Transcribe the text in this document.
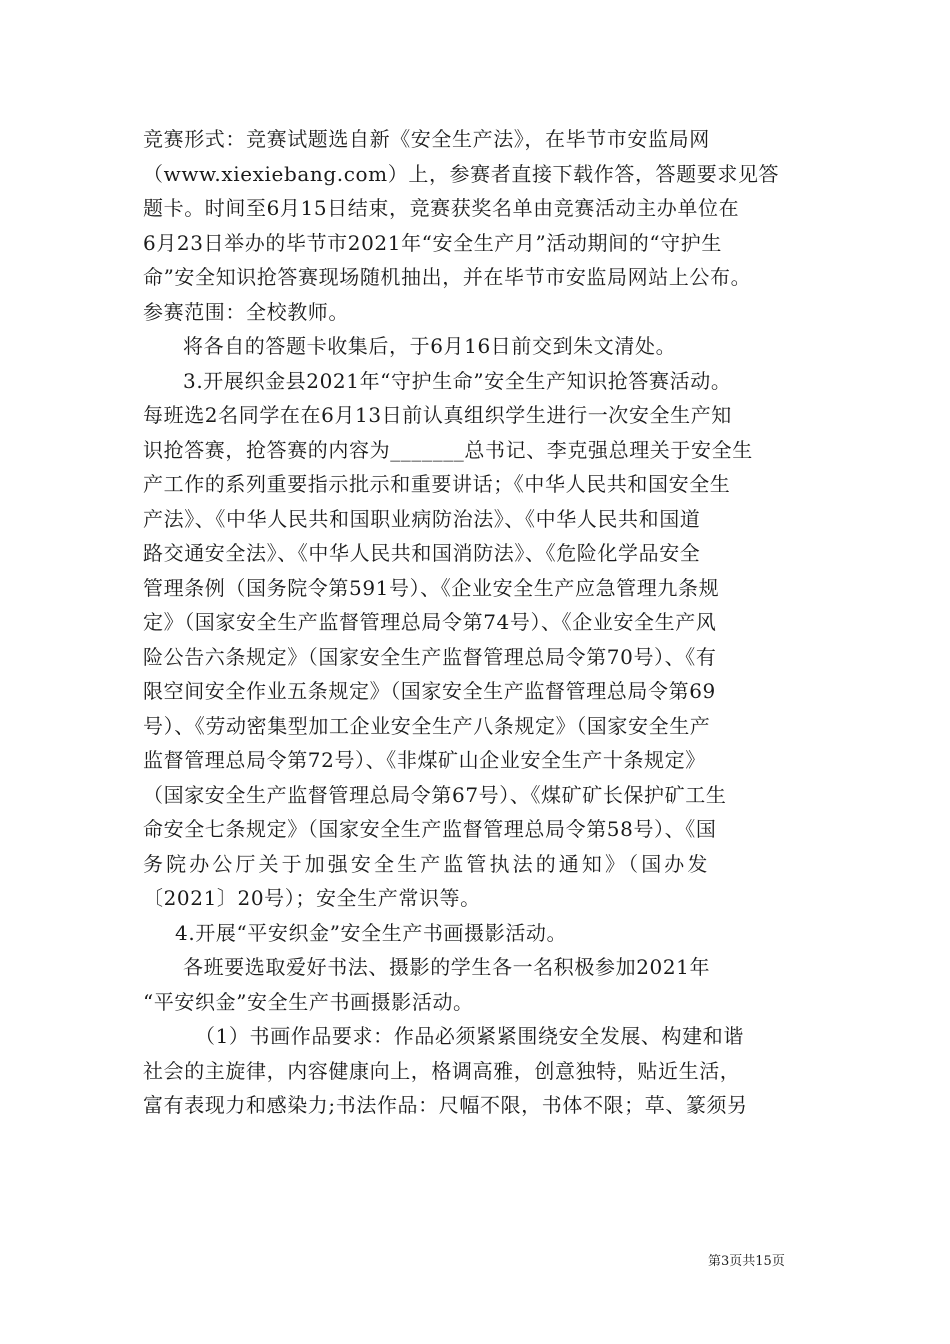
竞赛形式：竞赛试题选自新《安全生产法》，在毕节市安监局网
（www.xiexiebang.com）上，参赛者直接下载作答，答题要求见答
题卡。时间至6月15日结束，竞赛获奖名单由竞赛活动主办单位在
6月23日举办的毕节市2021年“安全生产月”活动期间的“守护生
命”安全知识抢答赛现场随机抽出，并在毕节市安监局网站上公布。
参赛范围：全校教师。
将各自的答题卡收集后，于6月16日前交到朱文清处。
3.开展织金县2021年“守护生命”安全生产知识抢答赛活动。
每班选2名同学在在6月13日前认真组织学生进行一次安全生产知
识抢答赛，抢答赛的内容为_______总书记、李克强总理关于安全生
产工作的系列重要指示批示和重要讲话；《中华人民共和国安全生
产法》、《中华人民共和国职业病防治法》、《中华人民共和国道
路交通安全法》、《中华人民共和国消防法》、《危险化学品安全
管理条例（国务院令第591号）、《企业安全生产应急管理九条规
定》（国家安全生产监督管理总局令第74号）、《企业安全生产风
险公告六条规定》（国家安全生产监督管理总局令第70号）、《有
限空间安全作业五条规定》（国家安全生产监督管理总局令第69
号）、《劳动密集型加工企业安全生产八条规定》（国家安全生产
监督管理总局令第72号）、《非煤矿山企业安全生产十条规定》
（国家安全生产监督管理总局令第67号）、《煤矿矿长保护矿工生
命安全七条规定》（国家安全生产监督管理总局令第58号）、《国
务院办公厅关于加强安全生产监管执法的通知》（国办发
〔2021〕20号）；安全生产常识等。
4.开展“平安织金”安全生产书画摄影活动。
各班要选取爱好书法、摄影的学生各一名积极参加2021年
“平安织金”安全生产书画摄影活动。
（1）书画作品要求：作品必须紧紧围绕安全发展、构建和谐
社会的主旋律，内容健康向上，格调高雅，创意独特，贴近生活，
富有表现力和感染力;书法作品：尺幅不限，书体不限；草、篆须另
第3页共15页
